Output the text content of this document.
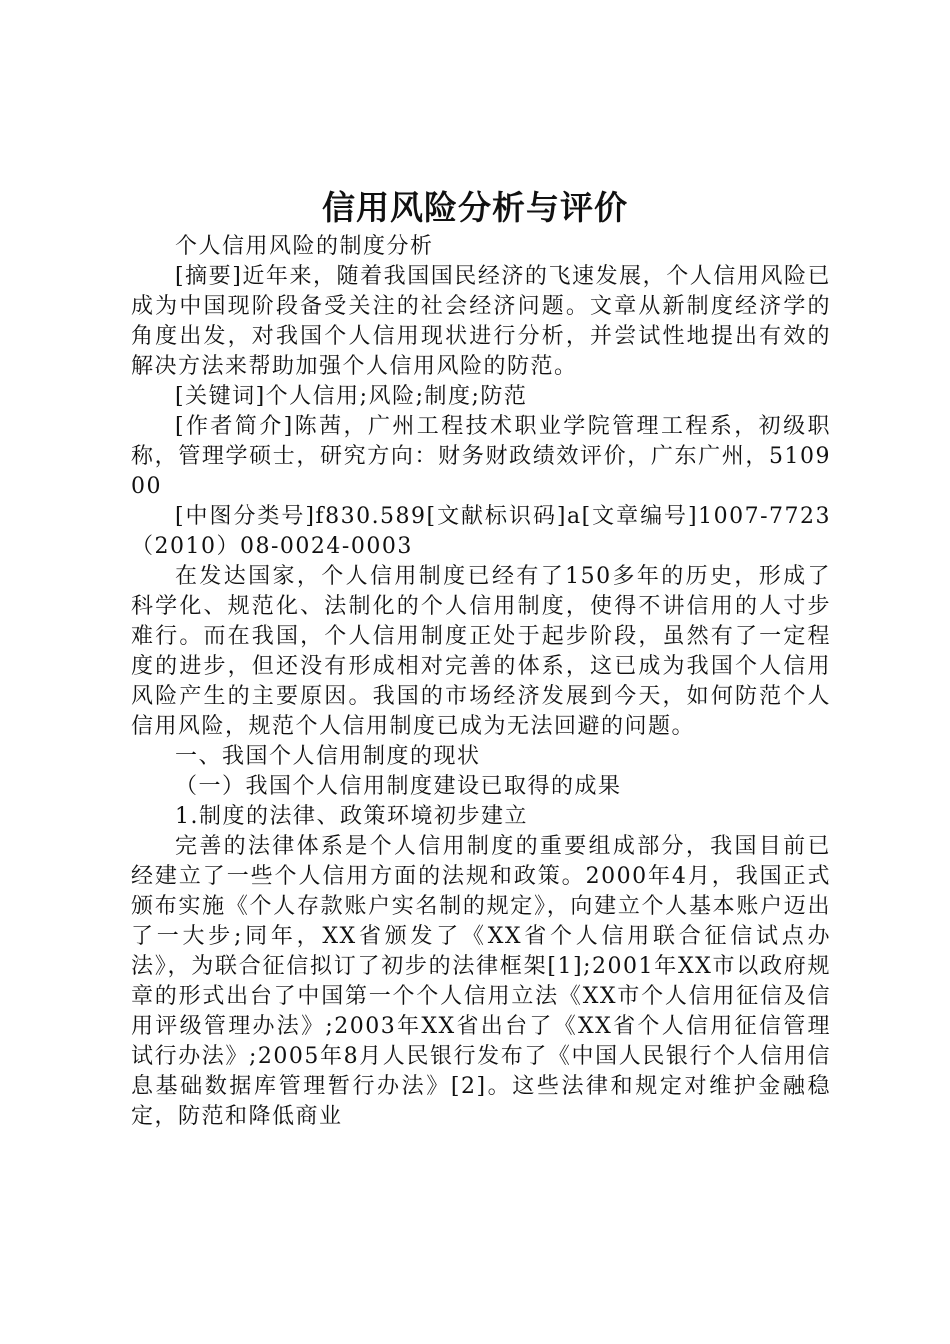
信用风险分析与评价

个人信用风险的制度分析

[摘要]近年来，随着我国国民经济的飞速发展，个人信用风险已成为中国现阶段备受关注的社会经济问题。文章从新制度经济学的角度出发，对我国个人信用现状进行分析，并尝试性地提出有效的解决方法来帮助加强个人信用风险的防范。

[关键词]个人信用;风险;制度;防范

[作者简介]陈茜，广州工程技术职业学院管理工程系，初级职称，管理学硕士，研究方向：财务财政绩效评价，广东广州，510900

[中图分类号]f830.589[文献标识码]a[文章编号]1007-7723（2010）08-0024-0003

在发达国家，个人信用制度已经有了150多年的历史，形成了科学化、规范化、法制化的个人信用制度，使得不讲信用的人寸步难行。而在我国，个人信用制度正处于起步阶段，虽然有了一定程度的进步，但还没有形成相对完善的体系，这已成为我国个人信用风险产生的主要原因。我国的市场经济发展到今天，如何防范个人信用风险，规范个人信用制度已成为无法回避的问题。

一、我国个人信用制度的现状

（一）我国个人信用制度建设已取得的成果

1.制度的法律、政策环境初步建立

完善的法律体系是个人信用制度的重要组成部分，我国目前已经建立了一些个人信用方面的法规和政策。2000年4月，我国正式颁布实施《个人存款账户实名制的规定》，向建立个人基本账户迈出了一大步;同年，XX省颁发了《XX省个人信用联合征信试点办法》，为联合征信拟订了初步的法律框架[1];2001年XX市以政府规章的形式出台了中国第一个个人信用立法《XX市个人信用征信及信用评级管理办法》;2003年XX省出台了《XX省个人信用征信管理试行办法》;2005年8月人民银行发布了《中国人民银行个人信用信息基础数据库管理暂行办法》[2]。这些法律和规定对维护金融稳定，防范和降低商业
